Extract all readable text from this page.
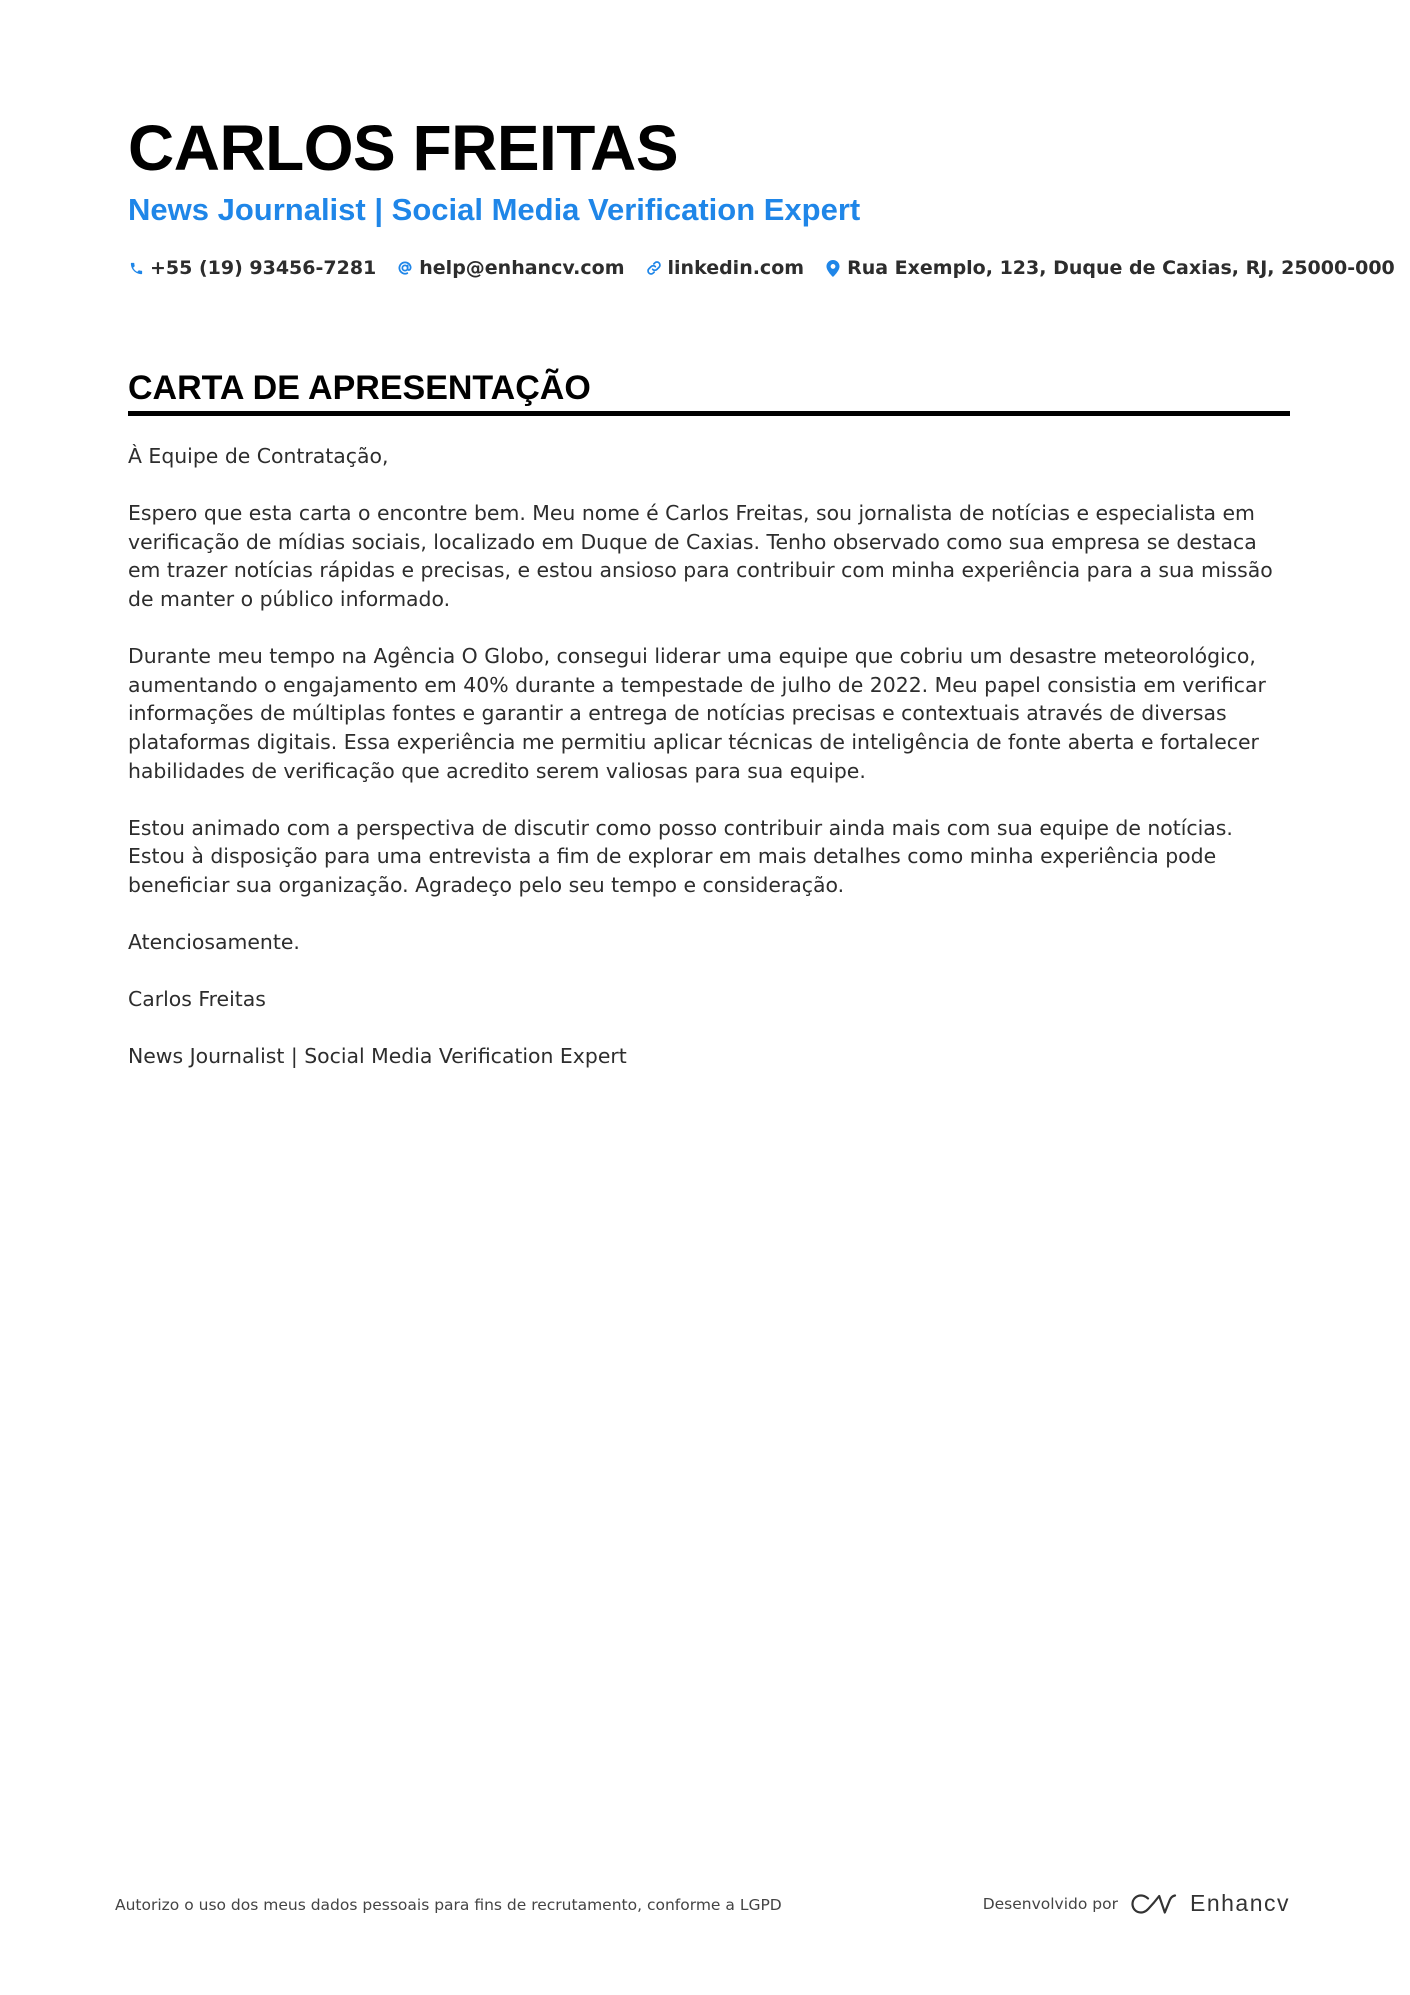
CARLOS FREITAS
News Journalist | Social Media Verification Expert
+55 (19) 93456-7281 help@enhancv.com linkedin.com Rua Exemplo, 123, Duque de Caxias, RJ, 25000-000
CARTA DE APRESENTAÇÃO

À Equipe de Contratação,

Espero que esta carta o encontre bem. Meu nome é Carlos Freitas, sou jornalista de notícias e especialista em verificação de mídias sociais, localizado em Duque de Caxias. Tenho observado como sua empresa se destaca em trazer notícias rápidas e precisas, e estou ansioso para contribuir com minha experiência para a sua missão de manter o público informado.

Durante meu tempo na Agência O Globo, consegui liderar uma equipe que cobriu um desastre meteorológico, aumentando o engajamento em 40% durante a tempestade de julho de 2022. Meu papel consistia em verificar informações de múltiplas fontes e garantir a entrega de notícias precisas e contextuais através de diversas plataformas digitais. Essa experiência me permitiu aplicar técnicas de inteligência de fonte aberta e fortalecer habilidades de verificação que acredito serem valiosas para sua equipe.

Estou animado com a perspectiva de discutir como posso contribuir ainda mais com sua equipe de notícias. Estou à disposição para uma entrevista a fim de explorar em mais detalhes como minha experiência pode beneficiar sua organização. Agradeço pelo seu tempo e consideração.

Atenciosamente.

Carlos Freitas

News Journalist | Social Media Verification Expert

Autorizo o uso dos meus dados pessoais para fins de recrutamento, conforme a LGPD	Desenvolvido por	Enhancv
